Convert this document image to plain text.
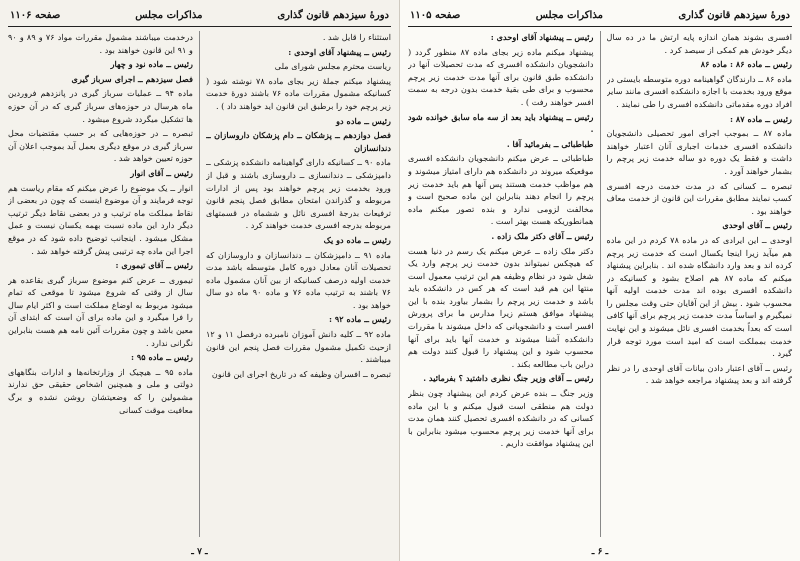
دورهٔ سیزدهم قانون گذاری
مذاکرات مجلس
صفحه ۱۱۰۶
استثناء را قایل شد .
رئیس ــ پیشنهاد آقای اوحدی :
ریاست محترم مجلس شورای ملی
پیشنهاد میکنم جملهٔ زیر بجای ماده ۷۸ نوشته شود ( کسانیکه مشمول مقررات ماده ۷۶ باشند دورهٔ خدمت زیر پرچم خود را برطبق این قانون اید خواهند داد ) .
رئیس ــ ماده دو
فصل دوازدهم ــ پزشکان ــ دام پزشکان داروسازان ــ دندانسازان
ماده ۹۰ ــ کسانیکه دارای گواهینامه دانشکده پزشکی ــ دامپزشکی ــ دندانسازی ــ داروسازی باشند و قبل از ورود بخدمت زیر پرچم خواهند بود پس از ادارات مربوطه و گذراندن امتحان مطابق فصل پنجم قانون ترفیعات بدرجهٔ افسری نائل و ششماه در قسمتهای مربوطه بدرجه افسری خدمت خواهند کرد .
رئیس ــ ماده دو یک
ماده ۹۱ ــ دامپزشکان ــ دندانسازان و داروسازان که تحصیلات آنان معادل دوره کامل متوسطه باشد مدت خدمت اولیه درصف کسانیکه از بین آنان مشمول ماده ۷۶ باشند به ترتیب ماده ۷۶ و ماده ۹۰ ماه دو سال خواهد بود .
رئیس ــ ماده ۹۲ :
ماده ۹۲ ــ کلیه دانش آموزان نامبرده درفصل ۱۱ و ۱۲ ازحیث تکمیل مشمول مقررات فصل پنجم این قانون میباشند .
تبصره ــ افسران وظیفه که در تاریخ اجرای این قانون
درخدمت میباشند مشمول مقررات مواد ۷۶ و ۸۹ و ۹۰ و ۹۱ این قانون خواهند بود .
رئیس ــ ماده نود و چهار
فصل سیزدهم ــ اجرای سرباز گیری
ماده ۹۴ ــ عملیات سرباز گیری در پانزدهم فروردین ماه هرسال در حوزه‌های سرباز گیری که در آن حوزه ها تشکیل میگردد شروع میشود .
تبصره ــ در حوزه‌هایی که بر حسب مقتضیات محل سرباز گیری در موقع دیگری بعمل آید بموجب اعلان آن حوزه تعیین خواهد شد .
رئیس ــ آقای انوار
انوار ــ یک موضوع را عرض میکنم که مقام ریاست هم توجه فرمایند و آن موضوع اینست که چون در بعضی از نقاط مملکت ماه ترتیب و در بعضی نقاط دیگر ترتیب دیگر دارد این ماده نسبت بهمه یکسان نیست و عمل مشکل میشود . اینجانب توضیح داده شود که در موقع اجرا این ماده چه ترتیبی پیش گرفته خواهد شد .
رئیس ــ آقای تیموری :
تیموری ــ عرض کنم موضوع سرباز گیری بقاعده هر سال از وقتی که شروع میشود تا موقعی که تمام میشود مربوط به اوضاع مملکت است و اکثر ایام سال را فرا میگیرد و این ماده برای آن است که ابتدای آن معین باشد و چون مقررات آئین نامه هم هست بنابراین نگرانی ندارد .
رئیس ــ ماده ۹۵ :
ماده ۹۵ ــ هیچیک از وزارتخانه‌ها و ادارات بنگاههای دولتی و ملی و همچنین اشخاص حقیقی حق ندارند مشمولین را که وضعیتشان روشن نشده و برگ معافیت موقت کسانی
ـ ۷ ـ
دورهٔ سیزدهم قانون گذاری
مذاکرات مجلس
صفحه ۱۱۰۵
افسری بشوند همان اندازه پایه ارتش ما در ده سال دیگر خودش هم کمکی از سیصد کرد .
رئیس ــ ماده ۸۶ : ماده ۸۶
ماده ۸۶ ــ دارندگان گواهینامه دوره متوسطه بایستی در موقع ورود بخدمت با اجازه دانشکده افسری مانند سایر افراد دوره مقدماتی دانشکده افسری را طی نمایند .
رئیس ــ ماده ۸۷ :
ماده ۸۷ ــ بموجب اجرای امور تحصیلی دانشجویان دانشکده افسری خدمات اجباری آنان اعتبار خواهند داشت و فقط یک دوره دو ساله خدمت زیر پرچم را بشمار خواهند آورد .
تبصره ــ کسانی که در مدت خدمت درجه افسری کسب نمایند مطابق مقررات این قانون از خدمت معاف خواهند بود .
رئیس ــ آقای اوحدی
اوحدی ــ این ایرادی که در ماده ۷۸ کردم در این ماده هم میآید زیرا اینجا یکسال است که خدمت زیر پرچم کرده اند و بعد وارد دانشگاه شده اند . بنابراین پیشنهاد میکنم که ماده ۸۷ هم اصلاح بشود و کسانیکه در دانشکده افسری بوده اند مدت خدمت اولیه آنها محسوب شود . بیش از این آقایان حتی وقت مجلس را نمیگیرم و اساساً مدت خدمت زیر پرچم برای آنها کافی است که بعداً بخدمت افسری نائل میشوند و این نهایت خدمت بمملکت است که امید است مورد توجه قرار گیرد .
رئیس ــ آقای اعتبار دادن بیانات آقای اوحدی را در نظر گرفته اند و بعد پیشنهاد مراجعه خواهد شد .
رئیس ــ پیشنهاد آقای اوحدی :
پیشنهاد میکنم ماده زیر بجای ماده ۸۷ منظور گردد ( دانشجویان دانشکده افسری که مدت تحصیلات آنها در دانشکده طبق قانون برای آنها مدت خدمت زیر پرچم محسوب و برای طی بقیهٔ خدمت بدون درجه به سمت افسر خواهند رفت ) .
رئیس ــ پیشنهاد باید بعد از سه ماه سابق خوانده شود .
طباطبائی ــ بفرمائید آقا .
طباطبائی ــ عرض میکنم دانشجویان دانشکده افسری موقعیکه میروند در دانشکده هم دارای امتیاز میشوند و هم مواظب خدمت هستند پس آنها هم باید خدمت زیر پرچم را انجام دهند بنابراین این ماده صحیح است و مخالفت لزومی ندارد و بنده تصور میکنم ماده همانطوریکه هست بهتر است .
رئیس ــ آقای دکتر ملک زاده .
دکتر ملک زاده ــ عرض میکنم یک رسم در دنیا هست که هیچکس نمیتواند بدون خدمت زیر پرچم وارد یک شغل شود در نظام وظیفه هم این ترتیب معمول است منتها این هم قید است که هر کس در دانشکده باید باشد و خدمت زیر پرچم را بشمار بیاورد بنده با این پیشنهاد موافق هستم زیرا مدارس ما برای پرورش افسر است و دانشجویانی که داخل میشوند با مقررات دانشکده آشنا میشوند و خدمت آنها باید برای آنها محسوب شود و این پیشنهاد را قبول کنند دولت هم دراین باب مطالعه بکند .
رئیس ــ آقای وزیر جنگ نظری داشتید ؟ بفرمائید .
وزیر جنگ ــ بنده عرض کردم این پیشنهاد چون بنظر دولت هم منطقی است قبول میکنم و با این ماده کسانی که در دانشکده افسری تحصیل کنند همان مدت برای آنها خدمت زیر پرچم محسوب میشود بنابراین با این پیشنهاد موافقت داریم .
ـ ۶ ـ
